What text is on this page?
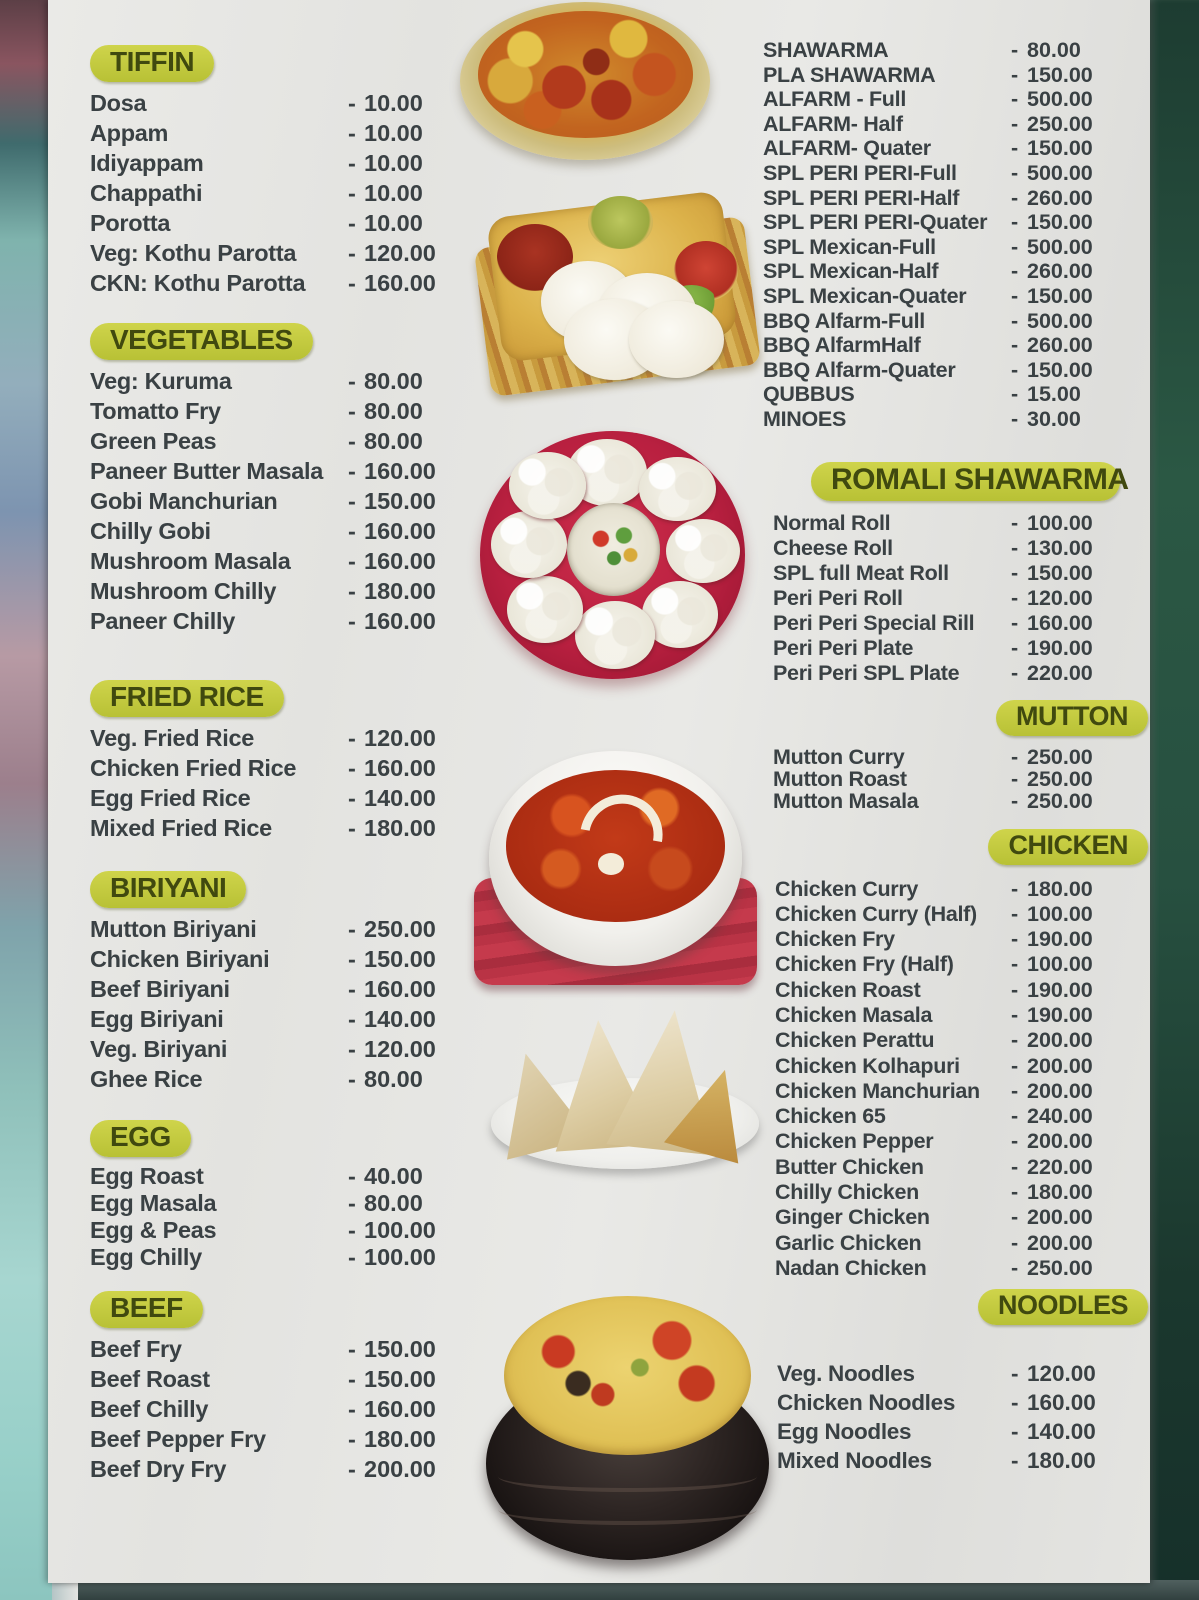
TIFFIN
Dosa	- 10.00
Appam	- 10.00
Idiyappam	- 10.00
Chappathi	- 10.00
Porotta	- 10.00
Veg: Kothu Parotta - 120.00
CKN: Kothu Parotta - 160.00
VEGETABLES
Veg: Kuruma	- 80.00
Tomatto Fry	- 80.00
Green Peas	- 80.00
Paneer Butter Masala - 160.00
Gobi Manchurian	- 150.00
Chilly Gobi	- 160.00
Mushroom Masala - 160.00
Mushroom Chilly	- 180.00
Paneer Chilly	- 160.00
FRIED RICE
Veg. Fried Rice	- 120.00
Chicken Fried Rice - 160.00
Egg Fried Rice	- 140.00
Mixed Fried Rice	- 180.00
BIRIYANI
Mutton Biriyani	- 250.00
Chicken Biriyani	- 150.00
Beef Biriyani	- 160.00
Egg Biriyani	- 140.00
Veg. Biriyani	- 120.00
Ghee Rice	- 80.00
EGG
Egg Roast	- 40.00
Egg Masala	- 80.00
Egg & Peas	- 100.00
Egg Chilly	- 100.00
BEEF
Beef Fry	- 150.00
Beef Roast	- 150.00
Beef Chilly	- 160.00
Beef Pepper Fry	- 180.00
Beef Dry Fry	- 200.00
SHAWARMA	- 80.00
PLA SHAWARMA	- 150.00
ALFARM - Full	- 500.00
ALFARM- Half	- 250.00
ALFARM- Quater	- 150.00
SPL PERI PERI-Full	- 500.00
SPL PERI PERI-Half - 260.00
SPL PERI PERI-Quater - 150.00
SPL Mexican-Full	- 500.00
SPL Mexican-Half	- 260.00
SPL Mexican-Quater - 150.00
BBQ Alfarm-Full	- 500.00
BBQ AlfarmHalf	- 260.00
BBQ Alfarm-Quater	- 150.00
QUBBUS	- 15.00
MINOES	- 30.00
ROMALI SHAWARMA
Normal Roll	- 100.00
Cheese Roll	- 130.00
SPL full Meat Roll	- 150.00
Peri Peri Roll	- 120.00
Peri Peri Special Rill - 160.00
Peri Peri Plate	- 190.00
Peri Peri SPL Plate - 220.00
MUTTON
Mutton Curry	- 250.00
Mutton Roast	- 250.00
Mutton Masala	- 250.00
CHICKEN
Chicken Curry	- 180.00
Chicken Curry (Half) - 100.00
Chicken Fry	- 190.00
Chicken Fry (Half)	- 100.00
Chicken Roast	- 190.00
Chicken Masala	- 190.00
Chicken Perattu	- 200.00
Chicken Kolhapuri - 200.00
Chicken Manchurian - 200.00
Chicken 65	- 240.00
Chicken Pepper	- 200.00
Butter Chicken	- 220.00
Chilly Chicken	- 180.00
Ginger Chicken	- 200.00
Garlic Chicken	- 200.00
Nadan Chicken	- 250.00
NOODLES
Veg. Noodles	- 120.00
Chicken Noodles - 160.00
Egg Noodles	- 140.00
Mixed Noodles	- 180.00
